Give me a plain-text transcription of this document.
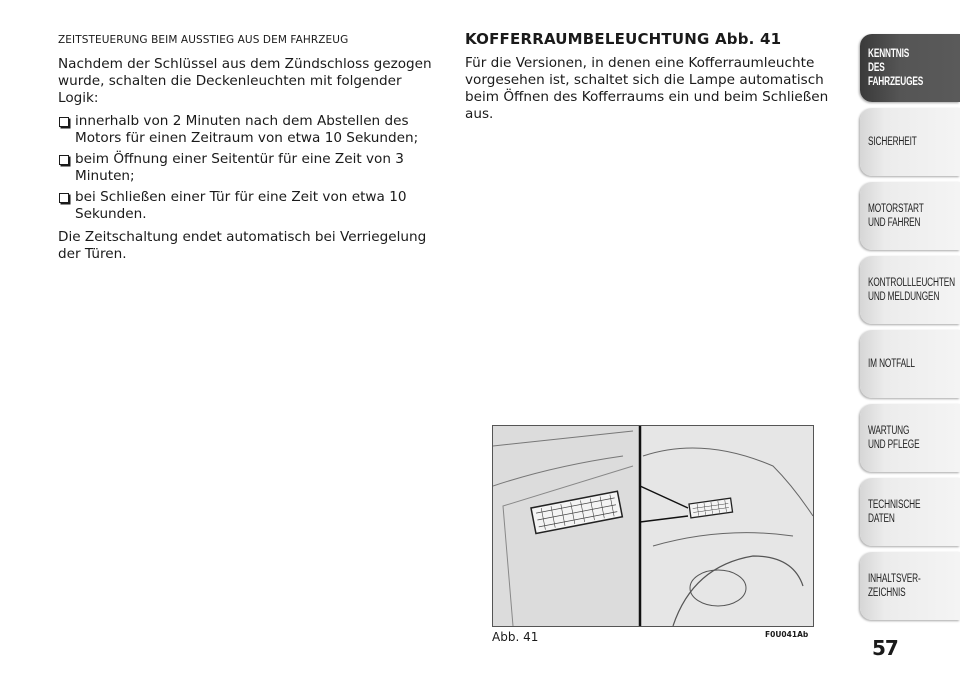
ZEITSTEUERUNG BEIM AUSSTIEG AUS DEM FAHRZEUG

Nachdem der Schlüssel aus dem Zündschloss gezogen wurde, schalten die Deckenleuchten mit folgender Logik:

innerhalb von 2 Minuten nach dem Abstellen des Motors für einen Zeitraum von etwa 10 Sekunden;
beim Öffnung einer Seitentür für eine Zeit von 3 Minuten;
bei Schließen einer Tür für eine Zeit von etwa 10 Sekunden.

Die Zeitschaltung endet automatisch bei Verriegelung der Türen.

KOFFERRAUMBELEUCHTUNG Abb. 41

Für die Versionen, in denen eine Kofferraumleuchte vorgesehen ist, schaltet sich die Lampe automatisch beim Öffnen des Kofferraums ein und beim Schließen aus.

Abb. 41	F0U041Ab
57
KENNTNIS
DES FAHRZEUGES
SICHERHEIT
MOTORSTART
UND FAHREN
KONTROLLLEUCHTEN
UND MELDUNGEN
IM NOTFALL
WARTUNG
UND PFLEGE
TECHNISCHE
DATEN
INHALTSVER-
ZEICHNIS
